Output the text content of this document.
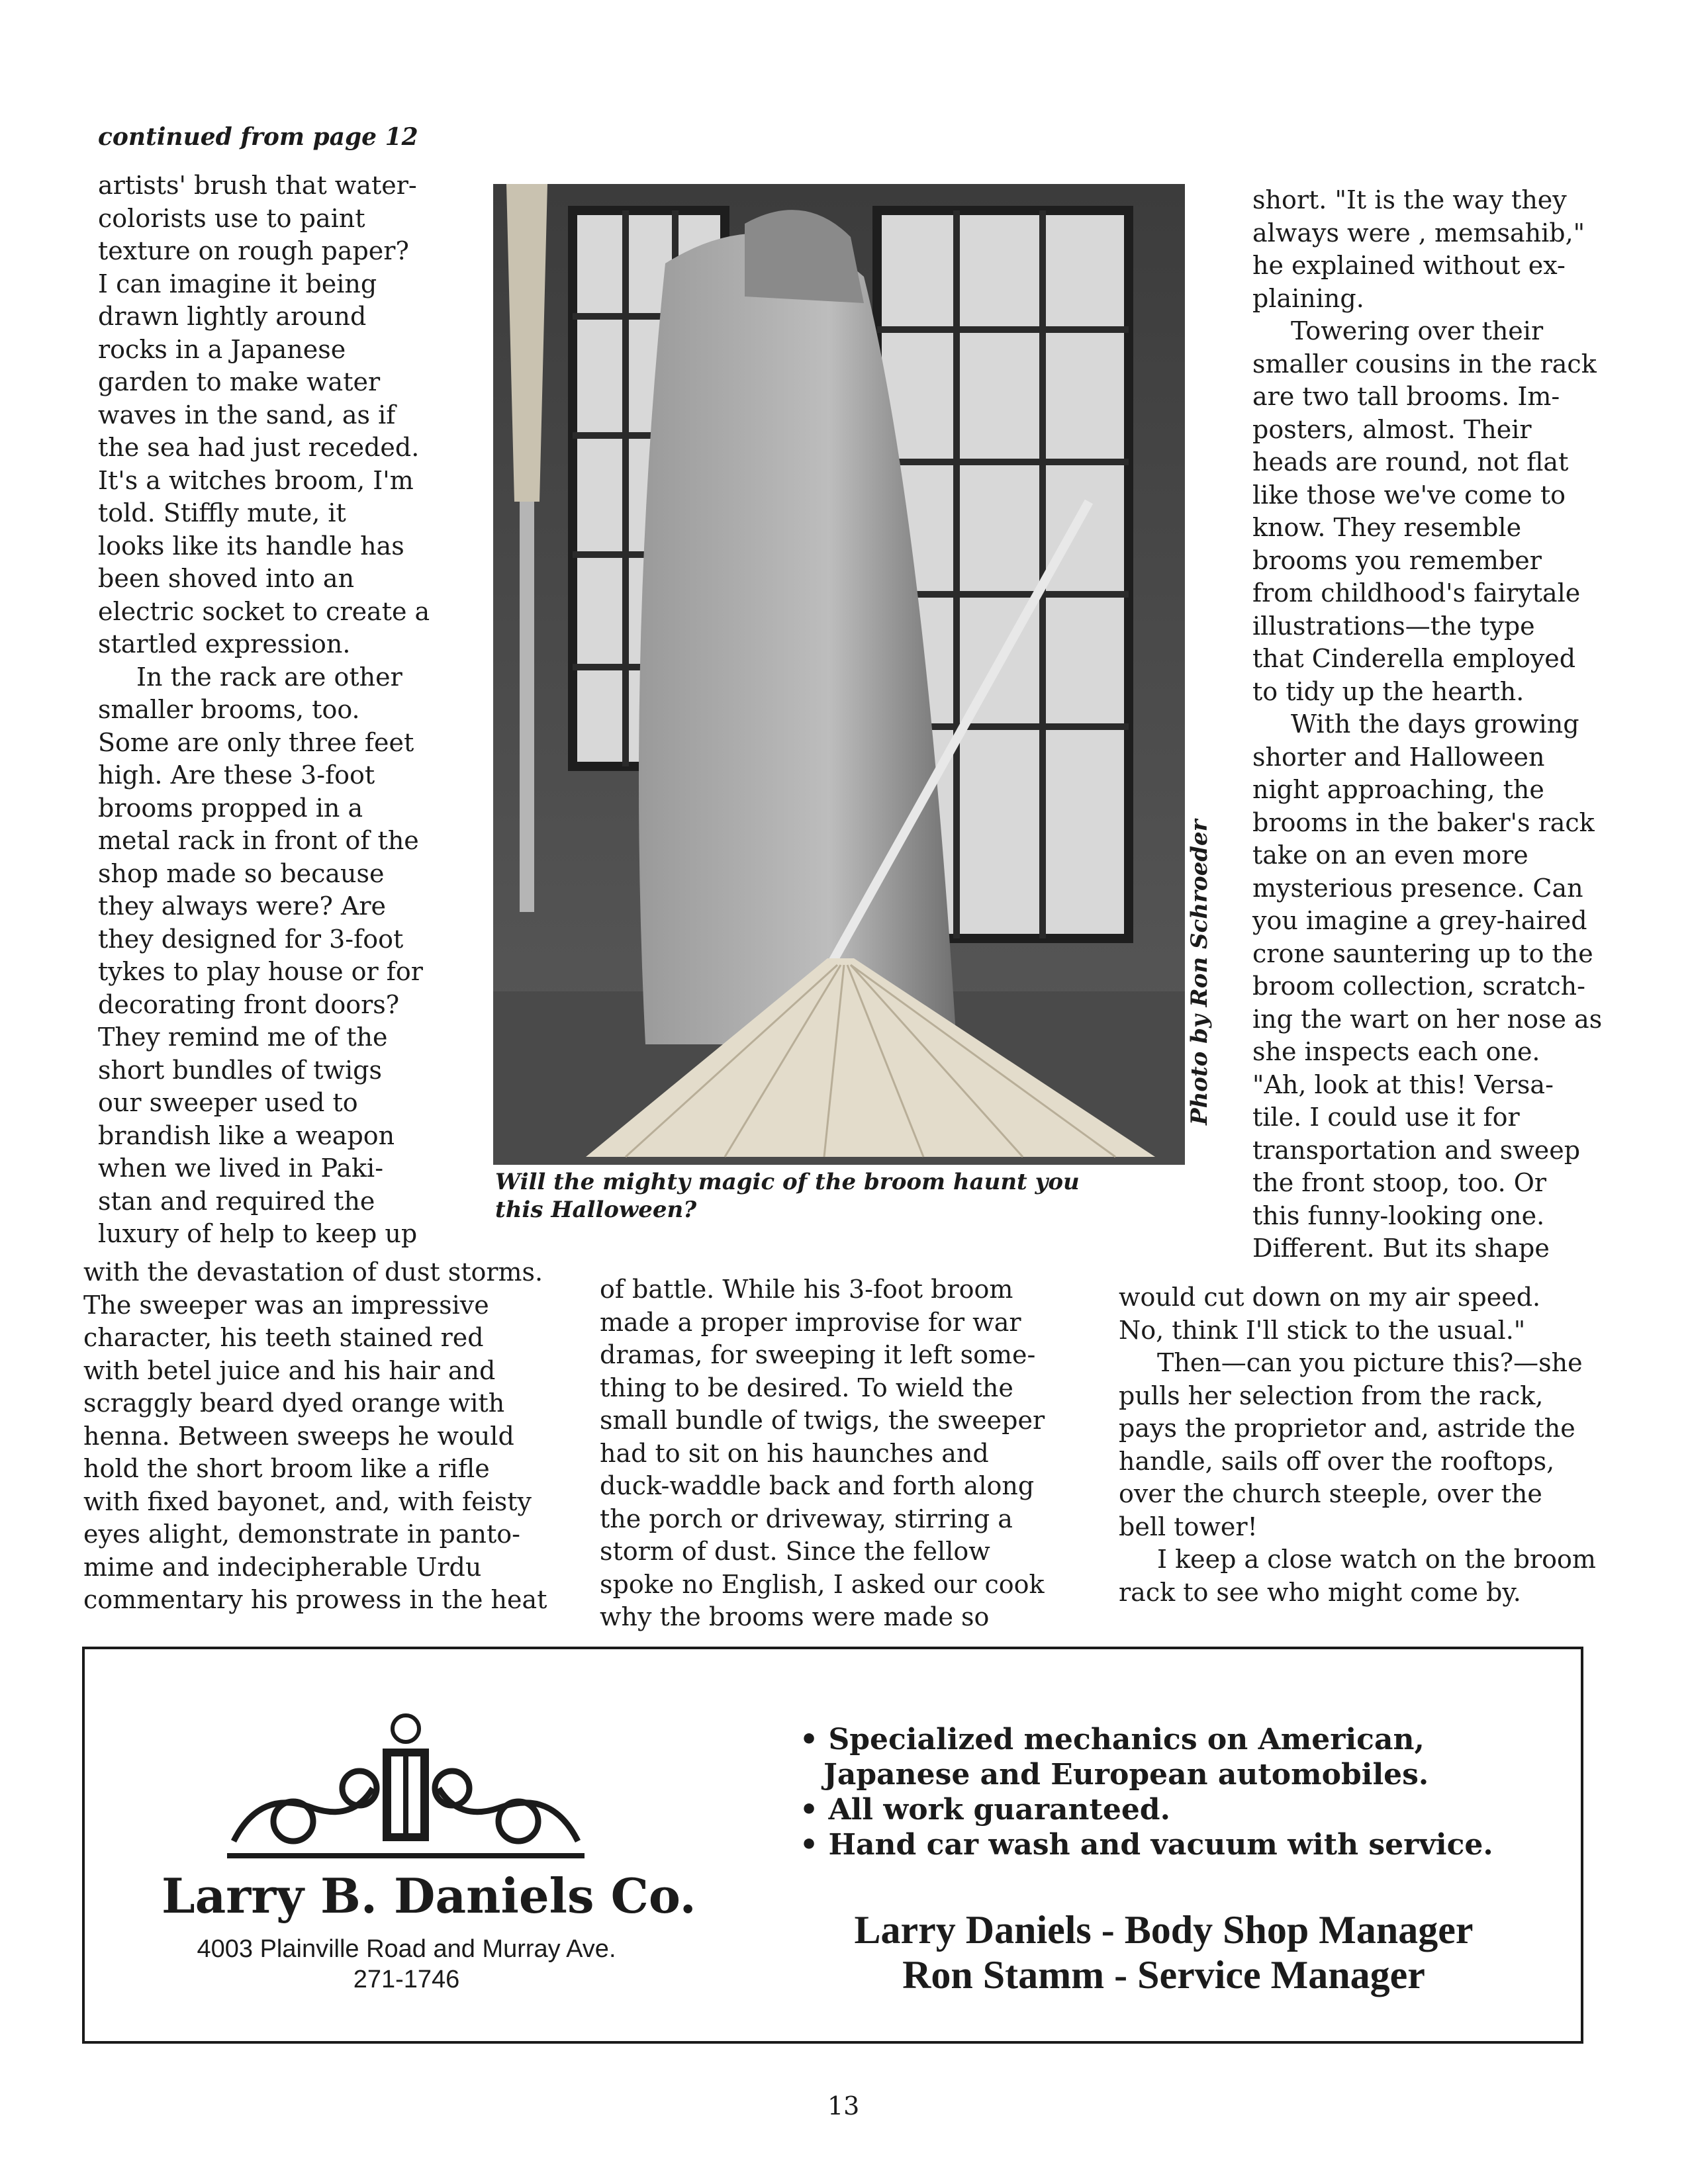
continued from page 12
artists' brush that water-
colorists use to paint
texture on rough paper?
I can imagine it being
drawn lightly around
rocks in a Japanese
garden to make water
waves in the sand, as if
the sea had just receded.
It's a witches broom, I'm
told. Stiffly mute, it
looks like its handle has
been shoved into an
electric socket to create a
startled expression.
In the rack are other
smaller brooms, too.
Some are only three feet
high. Are these 3-foot
brooms propped in a
metal rack in front of the
shop made so because
they always were? Are
they designed for 3-foot
tykes to play house or for
decorating front doors?
They remind me of the
short bundles of twigs
our sweeper used to
brandish like a weapon
when we lived in Paki-
stan and required the
luxury of help to keep up
with the devastation of dust storms.
The sweeper was an impressive
character, his teeth stained red
with betel juice and his hair and
scraggly beard dyed orange with
henna. Between sweeps he would
hold the short broom like a rifle
with fixed bayonet, and, with feisty
eyes alight, demonstrate in panto-
mime and indecipherable Urdu
commentary his prowess in the heat
of battle. While his 3-foot broom
made a proper improvise for war
dramas, for sweeping it left some-
thing to be desired. To wield the
small bundle of twigs, the sweeper
had to sit on his haunches and
duck-waddle back and forth along
the porch or driveway, stirring a
storm of dust. Since the fellow
spoke no English, I asked our cook
why the brooms were made so
short. "It is the way they
always were , memsahib,"
he explained without ex-
plaining.
Towering over their
smaller cousins in the rack
are two tall brooms. Im-
posters, almost. Their
heads are round, not flat
like those we've come to
know. They resemble
brooms you remember
from childhood's fairytale
illustrations—the type
that Cinderella employed
to tidy up the hearth.
With the days growing
shorter and Halloween
night approaching, the
brooms in the baker's rack
take on an even more
mysterious presence. Can
you imagine a grey-haired
crone sauntering up to the
broom collection, scratch-
ing the wart on her nose as
she inspects each one.
"Ah, look at this! Versa-
tile. I could use it for
transportation and sweep
the front stoop, too. Or
this funny-looking one.
Different. But its shape
would cut down on my air speed.
No, think I'll stick to the usual."
Then—can you picture this?—she
pulls her selection from the rack,
pays the proprietor and, astride the
handle, sails off over the rooftops,
over the church steeple, over the
bell tower!
I keep a close watch on the broom
rack to see who might come by.
Photo by Ron Schroeder
Will the mighty magic of the broom haunt you
this Halloween?
Larry B. Daniels Co.
4003 Plainville Road and Murray Ave.
271-1746
• Specialized mechanics on American,
Japanese and European automobiles.
• All work guaranteed.
• Hand car wash and vacuum with service.
Larry Daniels - Body Shop Manager
Ron Stamm - Service Manager
13
